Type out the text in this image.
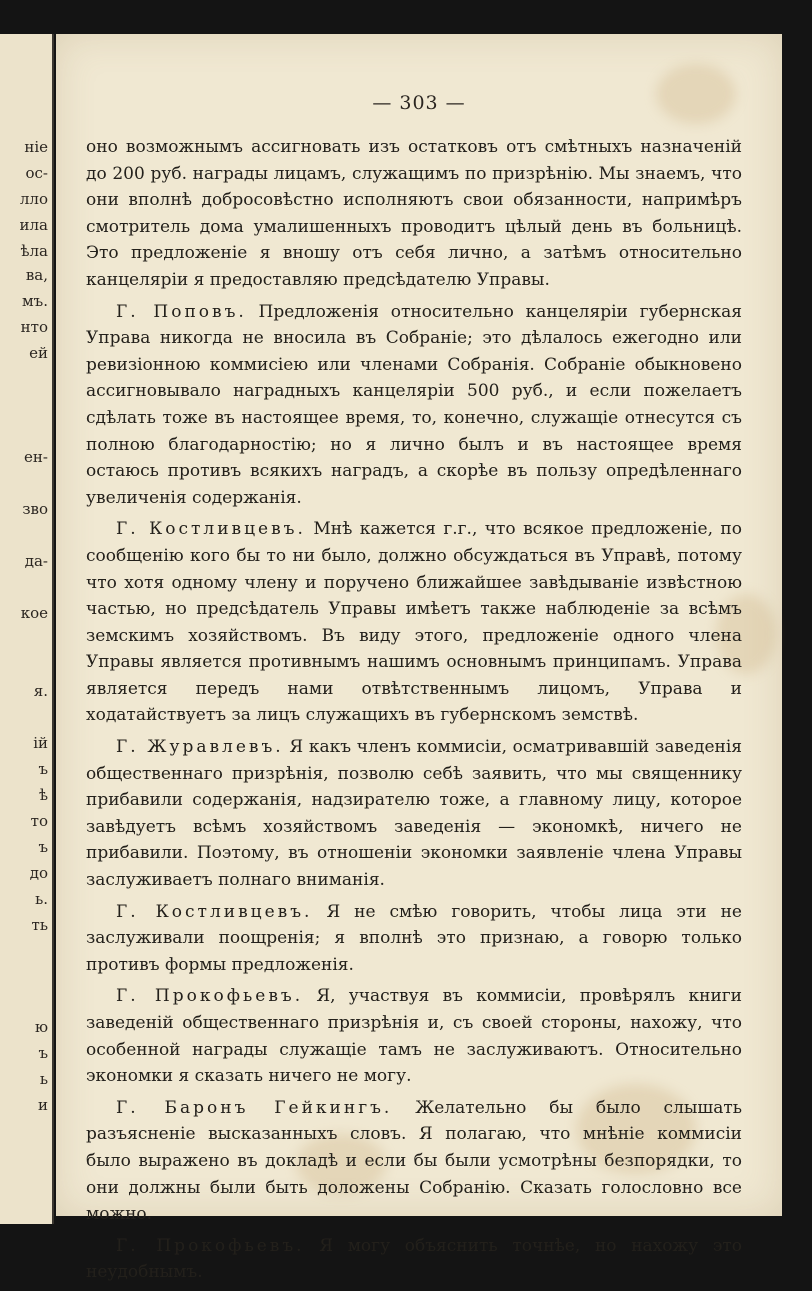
ніе
ос-
лло
ила
ѣла
ва,
мъ.
нто
ей
ен-
зво
да-
кое
я.
ій
ъ
ѣ
то
ъ
до
ь.
ть
ю
ъ
ь
и
— 303 —

оно возможнымъ ассигновать изъ остатковъ отъ смѣтныхъ назначеній до 200 руб. награды лицамъ, служащимъ по призрѣнію. Мы знаемъ, что они вполнѣ добросовѣстно исполняютъ свои обязанности, напримѣръ смотритель дома умалишенныхъ проводитъ цѣлый день въ больницѣ. Это предложеніе я вношу отъ себя лично, а затѣмъ относительно канцеляріи я предоставляю предсѣдателю Управы.

Г. Поповъ. Предложенія относительно канцеляріи губернская Управа никогда не вносила въ Собраніе; это дѣлалось ежегодно или ревизіонною коммисіею или членами Собранія. Собраніе обыкновено ассигновывало наградныхъ канцеляріи 500 руб., и если пожелаетъ сдѣлать тоже въ настоящее время, то, конечно, служащіе отнесутся съ полною благодарностію; но я лично былъ и въ настоящее время остаюсь противъ всякихъ наградъ, а скорѣе въ пользу опредѣленнаго увеличенія содержанія.

Г. Костливцевъ. Мнѣ кажется г.г., что всякое предложеніе, по сообщенію кого бы то ни было, должно обсуждаться въ Управѣ, потому что хотя одному члену и поручено ближайшее завѣдываніе извѣстною частью, но предсѣдатель Управы имѣетъ также наблюденіе за всѣмъ земскимъ хозяйствомъ. Въ виду этого, предложеніе одного члена Управы является противнымъ нашимъ основнымъ принципамъ. Управа является передъ нами отвѣтственнымъ лицомъ, Управа и ходатайствуетъ за лицъ служащихъ въ губернскомъ земствѣ.

Г. Журавлевъ. Я какъ членъ коммисіи, осматривавшій заведенія общественнаго призрѣнія, позволю себѣ заявить, что мы священнику прибавили содержанія, надзирателю тоже, а главному лицу, которое завѣдуетъ всѣмъ хозяйствомъ заведенія — экономкѣ, ничего не прибавили. Поэтому, въ отношеніи экономки заявленіе члена Управы заслуживаетъ полнаго вниманія.

Г. Костливцевъ. Я не смѣю говорить, чтобы лица эти не заслуживали поощренія; я вполнѣ это признаю, а говорю только противъ формы предложенія.

Г. Прокофьевъ. Я, участвуя въ коммисіи, провѣрялъ книги заведеній общественнаго призрѣнія и, съ своей стороны, нахожу, что особенной награды служащіе тамъ не заслуживаютъ. Относительно экономки я сказать ничего не могу.

Г. Баронъ Гейкингъ. Желательно бы было слышать разъясненіе высказанныхъ словъ. Я полагаю, что мнѣніе коммисіи было выражено въ докладѣ и если бы были усмотрѣны безпорядки, то они должны были быть доложены Собранію. Сказать голословно все можно.

Г. Прокофьевъ. Я могу объяснить точнѣе, но нахожу это неудобнымъ.
